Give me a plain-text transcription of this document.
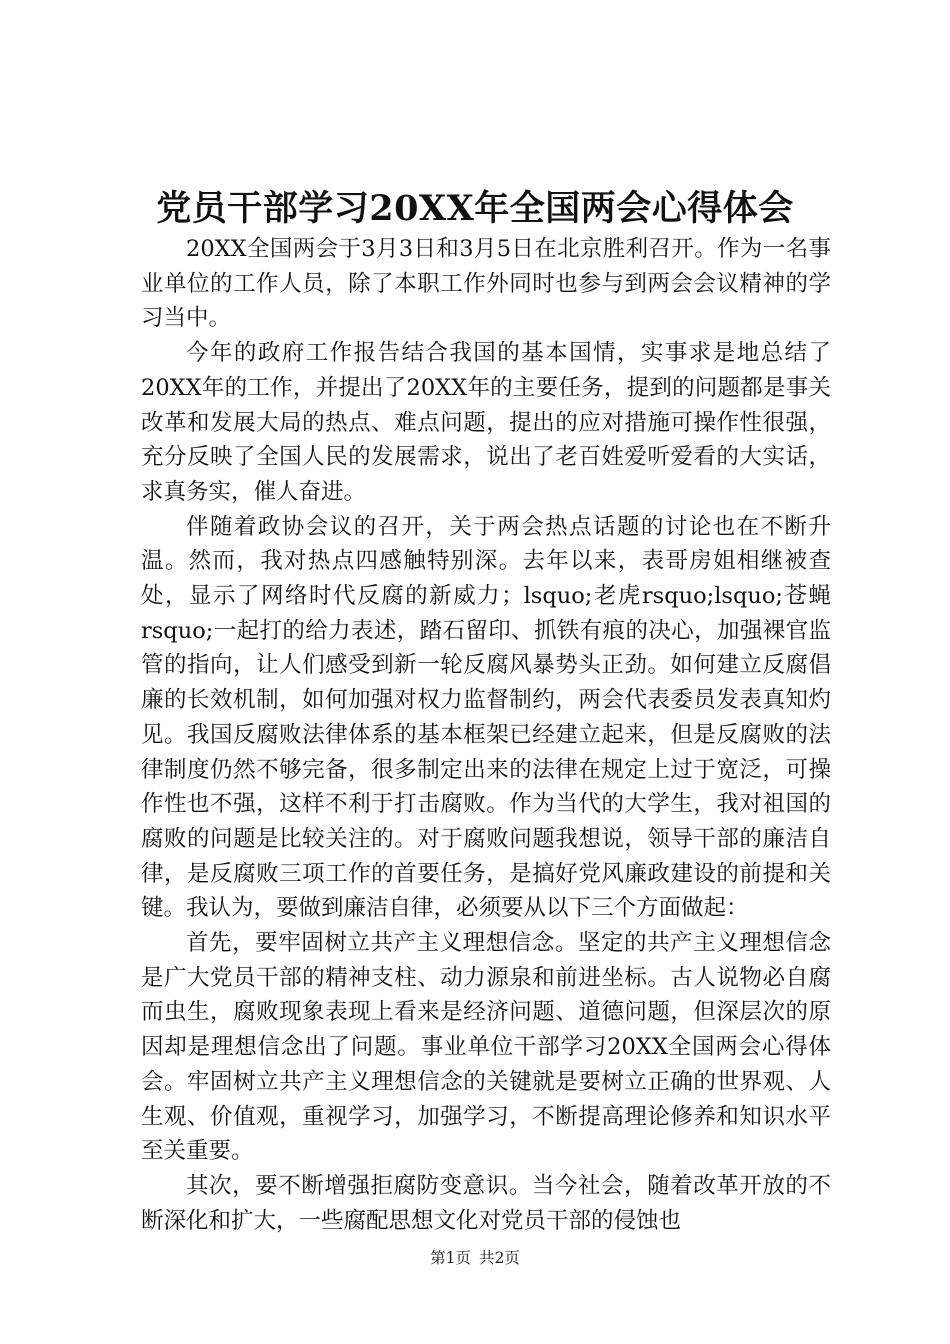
党员干部学习20XX年全国两会心得体会

20XX全国两会于3月3日和3月5日在北京胜利召开。作为一名事业单位的工作人员，除了本职工作外同时也参与到两会会议精神的学习当中。

今年的政府工作报告结合我国的基本国情，实事求是地总结了20XX年的工作，并提出了20XX年的主要任务，提到的问题都是事关改革和发展大局的热点、难点问题，提出的应对措施可操作性很强，充分反映了全国人民的发展需求，说出了老百姓爱听爱看的大实话，求真务实，催人奋进。

伴随着政协会议的召开，关于两会热点话题的讨论也在不断升温。然而，我对热点四感触特别深。去年以来，表哥房姐相继被查处，显示了网络时代反腐的新威力；lsquo;老虎rsquo;lsquo;苍蝇rsquo;一起打的给力表述，踏石留印、抓铁有痕的决心，加强裸官监管的指向，让人们感受到新一轮反腐风暴势头正劲。如何建立反腐倡廉的长效机制，如何加强对权力监督制约，两会代表委员发表真知灼见。我国反腐败法律体系的基本框架已经建立起来，但是反腐败的法律制度仍然不够完备，很多制定出来的法律在规定上过于宽泛，可操作性也不强，这样不利于打击腐败。作为当代的大学生，我对祖国的腐败的问题是比较关注的。对于腐败问题我想说，领导干部的廉洁自律，是反腐败三项工作的首要任务，是搞好党风廉政建设的前提和关键。我认为，要做到廉洁自律，必须要从以下三个方面做起：

首先，要牢固树立共产主义理想信念。坚定的共产主义理想信念是广大党员干部的精神支柱、动力源泉和前进坐标。古人说物必自腐而虫生，腐败现象表现上看来是经济问题、道德问题，但深层次的原因却是理想信念出了问题。事业单位干部学习20XX全国两会心得体会。牢固树立共产主义理想信念的关键就是要树立正确的世界观、人生观、价值观，重视学习，加强学习，不断提高理论修养和知识水平至关重要。

其次，要不断增强拒腐防变意识。当今社会，随着改革开放的不断深化和扩大，一些腐配思想文化对党员干部的侵蚀也

第1页 共2页
